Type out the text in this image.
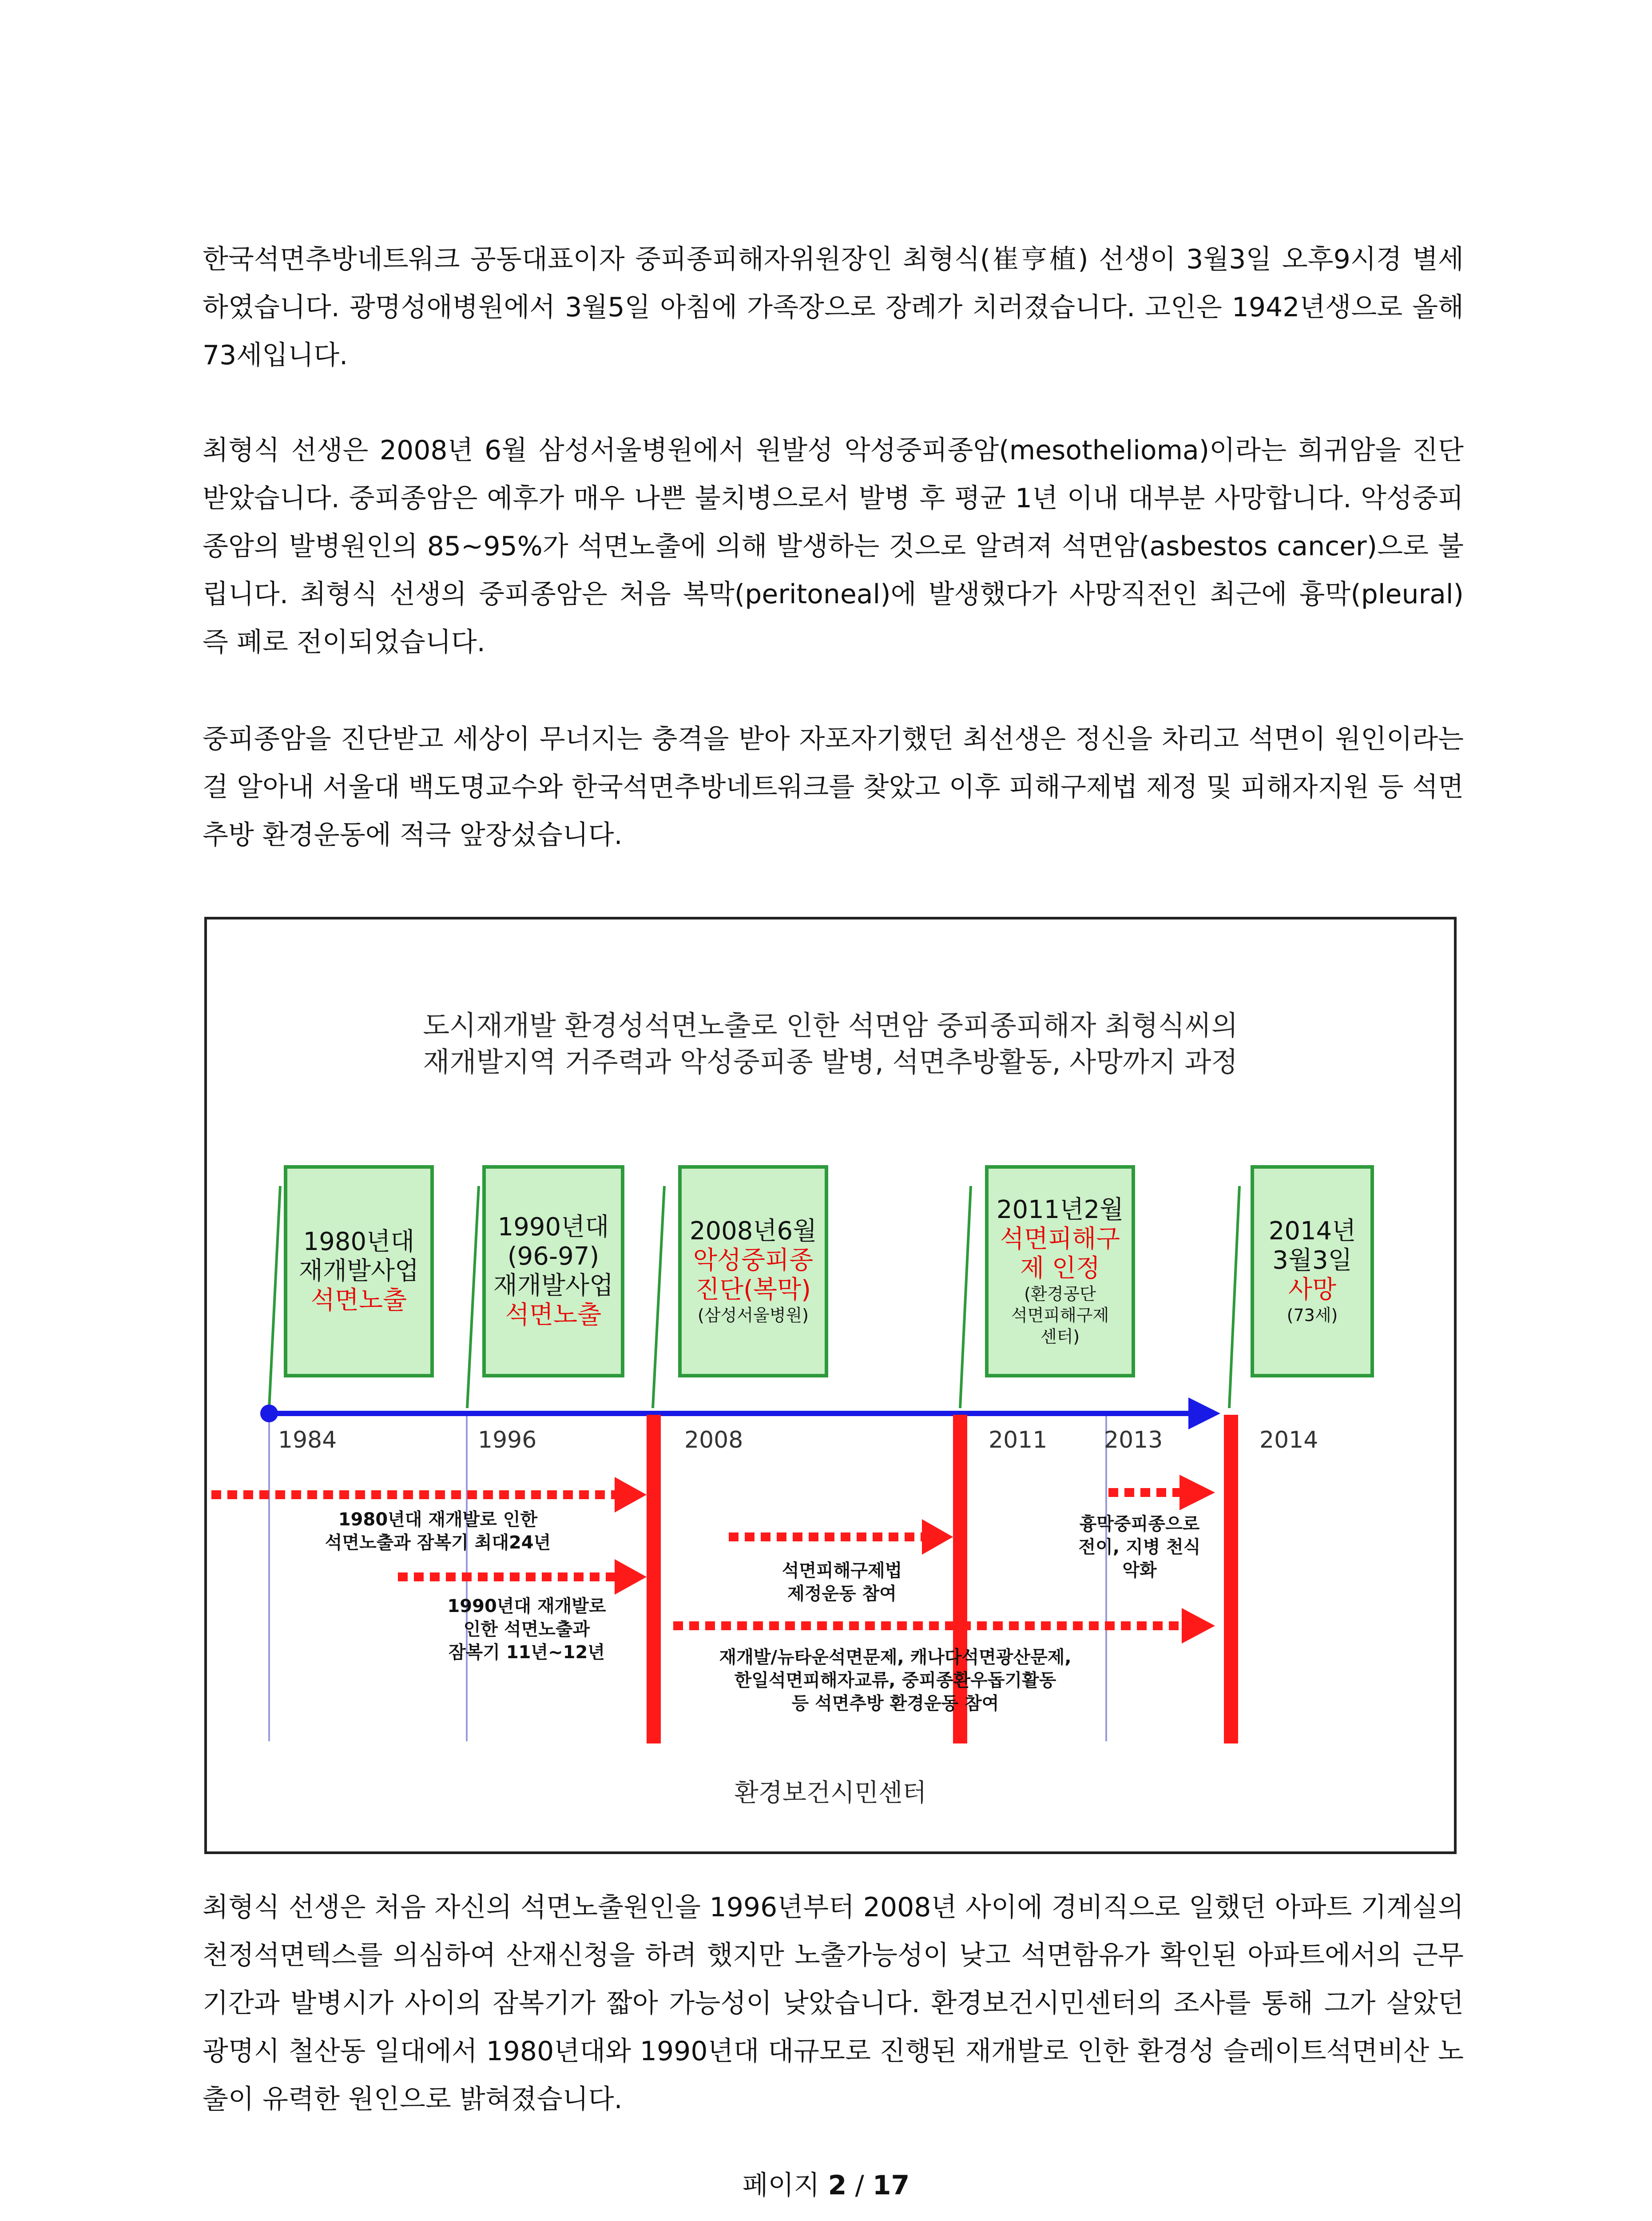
한국석면추방네트워크 공동대표이자 중피종피해자위원장인 최형식(崔亨植) 선생이 3월3일 오후9시경 별세하였습니다. 광명성애병원에서 3월5일 아침에 가족장으로 장례가 치러졌습니다. 고인은 1942년생으로 올해 73세입니다.

최형식 선생은 2008년 6월 삼성서울병원에서 원발성 악성중피종암(mesothelioma)이라는 희귀암을 진단받았습니다. 중피종암은 예후가 매우 나쁜 불치병으로서 발병 후 평균 1년 이내 대부분 사망합니다. 악성중피종암의 발병원인의 85~95%가 석면노출에 의해 발생하는 것으로 알려져 석면암(asbestos cancer)으로 불립니다. 최형식 선생의 중피종암은 처음 복막(peritoneal)에 발생했다가 사망직전인 최근에 흉막(pleural) 즉 폐로 전이되었습니다.

중피종암을 진단받고 세상이 무너지는 충격을 받아 자포자기했던 최선생은 정신을 차리고 석면이 원인이라는 걸 알아내 서울대 백도명교수와 한국석면추방네트워크를 찾았고 이후 피해구제법 제정 및 피해자지원 등 석면추방 환경운동에 적극 앞장섰습니다.

도시재개발 환경성석면노출로 인한 석면암 중피종피해자 최형식씨의
재개발지역 거주력과 악성중피종 발병, 석면추방활동, 사망까지 과정
1980년대
재개발사업
석면노출
1990년대
(96-97)
재개발사업
석면노출
2008년6월
악성중피종
진단(복막)
(삼성서울병원)
2011년2월
석면피해구
제 인정
(환경공단
석면피해구제
센터)
2014년
3월3일
사망
(73세)
1984	1996	2008	2011 2013	2014
1980년대 재개발로 인한
석면노출과 잠복기 최대24년
1990년대 재개발로
인한 석면노출과
잠복기 11년~12년
석면피해구제법
제정운동 참여
흉막중피종으로
전이, 지병 천식
악화
재개발/뉴타운석면문제, 캐나다석면광산문제,
한일석면피해자교류, 중피종환우돕기활동
등 석면추방 환경운동 참여
환경보건시민센터

최형식 선생은 처음 자신의 석면노출원인을 1996년부터 2008년 사이에 경비직으로 일했던 아파트 기계실의 천정석면텍스를 의심하여 산재신청을 하려 했지만 노출가능성이 낮고 석면함유가 확인된 아파트에서의 근무기간과 발병시가 사이의 잠복기가 짧아 가능성이 낮았습니다. 환경보건시민센터의 조사를 통해 그가 살았던 광명시 철산동 일대에서 1980년대와 1990년대 대규모로 진행된 재개발로 인한 환경성 슬레이트석면비산 노출이 유력한 원인으로 밝혀졌습니다.

페이지 2 / 17
